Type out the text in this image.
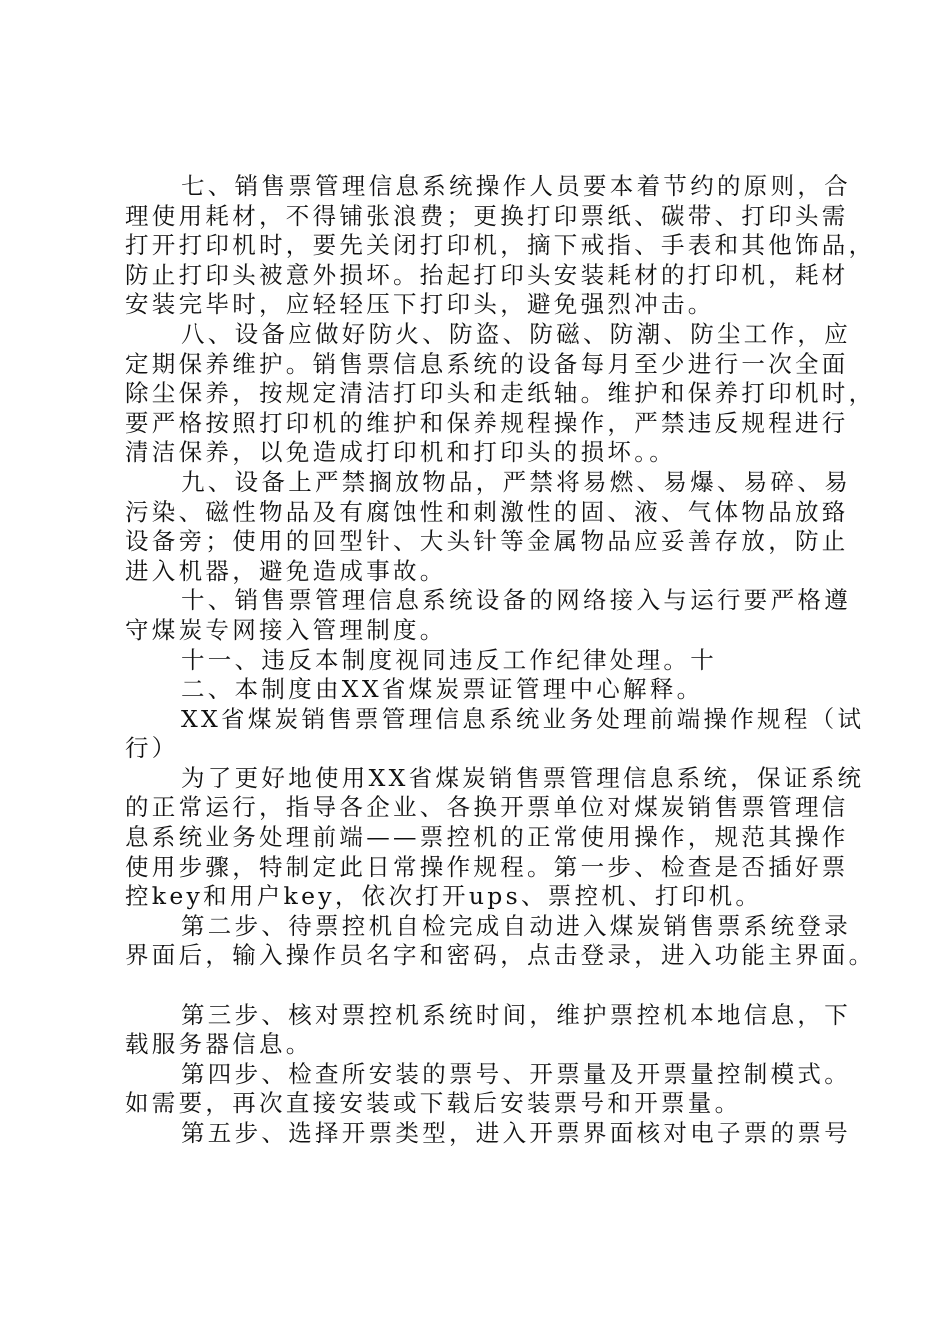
七、销售票管理信息系统操作人员要本着节约的原则，合
理使用耗材，不得铺张浪费；更换打印票纸、碳带、打印头需
打开打印机时，要先关闭打印机，摘下戒指、手表和其他饰品，
防止打印头被意外损坏。抬起打印头安装耗材的打印机，耗材
安装完毕时，应轻轻压下打印头，避免强烈冲击。
八、设备应做好防火、防盗、防磁、防潮、防尘工作，应
定期保养维护。销售票信息系统的设备每月至少进行一次全面
除尘保养，按规定清洁打印头和走纸轴。维护和保养打印机时，
要严格按照打印机的维护和保养规程操作，严禁违反规程进行
清洁保养，以免造成打印机和打印头的损坏。。
九、设备上严禁搁放物品，严禁将易燃、易爆、易碎、易
污染、磁性物品及有腐蚀性和刺激性的固、液、气体物品放臵
设备旁；使用的回型针、大头针等金属物品应妥善存放，防止
进入机器，避免造成事故。
十、销售票管理信息系统设备的网络接入与运行要严格遵
守煤炭专网接入管理制度。
十一、违反本制度视同违反工作纪律处理。十
二、本制度由XX省煤炭票证管理中心解释。
XX省煤炭销售票管理信息系统业务处理前端操作规程（试
行）
为了更好地使用XX省煤炭销售票管理信息系统，保证系统
的正常运行，指导各企业、各换开票单位对煤炭销售票管理信
息系统业务处理前端——票控机的正常使用操作，规范其操作
使用步骤，特制定此日常操作规程。第一步、检查是否插好票
控key和用户key，依次打开ups、票控机、打印机。
第二步、待票控机自检完成自动进入煤炭销售票系统登录
界面后，输入操作员名字和密码，点击登录，进入功能主界面。
第三步、核对票控机系统时间，维护票控机本地信息，下
载服务器信息。
第四步、检查所安装的票号、开票量及开票量控制模式。
如需要，再次直接安装或下载后安装票号和开票量。
第五步、选择开票类型，进入开票界面核对电子票的票号
